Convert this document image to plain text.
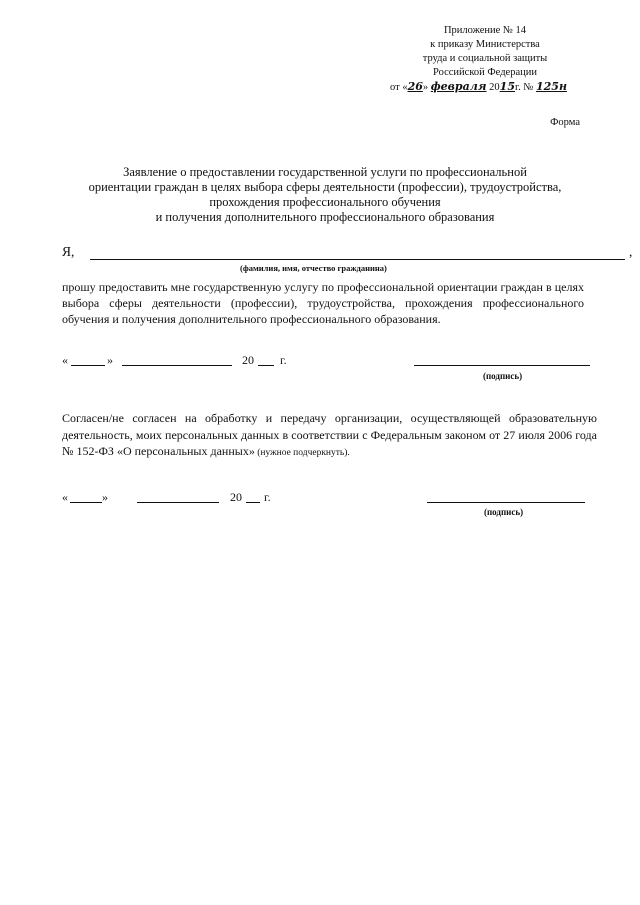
Приложение № 14
к приказу Министерства
труда и социальной защиты
Российской Федерации
от «26» февраля 2015г. № 125н
Форма
Заявление о предоставлении государственной услуги по профессиональной
ориентации граждан в целях выбора сферы деятельности (профессии), трудоустройства,
прохождения профессионального обучения
и получения дополнительного профессионального образования
Я,	,
(фамилия, имя, отчество гражданина)
прошу предоставить мне государственную услугу по профессиональной ориентации граждан в целях выбора сферы деятельности (профессии), трудоустройства, прохождения профессионального обучения и получения дополнительного профессионального образования.
«	»	20 г.
(подпись)
Согласен/не согласен на обработку и передачу организации, осуществляющей образовательную деятельность, моих персональных данных в соответствии с Федеральным законом от 27 июля 2006 года № 152-ФЗ «О персональных данных» (нужное подчеркнуть).
«	»	20 г.
(подпись)
